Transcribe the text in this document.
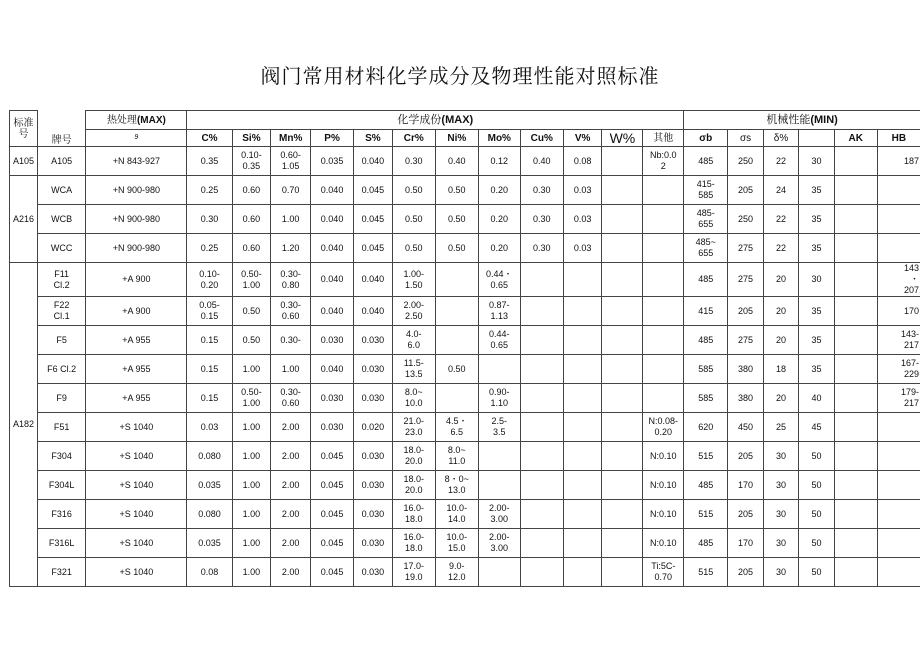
阀门常用材料化学成分及物理性能对照标准
标准号	牌号	热处理(MAX)	化学成份(MAX)												机械性能(MIN)					

		9	C%	Si%	Mn%	P%	S%	Cr%	Ni%	Mo%	Cu%	V%	W%	其他	σb	σs	δ%		AK	HB
A105	A105	+N 843-927	0.35	0.10-
0.35	0.60-
1.05	0.035	0.040	0.30	0.40	0.12	0.40	0.08		Nb:0.0
2	485	250	22	30		187
A216	WCA	+N 900-980	0.25	0.60	0.70	0.040	0.045	0.50	0.50	0.20	0.30	0.03			415-
585	205	24	35		
	WCB	+N 900-980	0.30	0.60	1.00	0.040	0.045	0.50	0.50	0.20	0.30	0.03			485-
655	250	22	35		
	WCC	+N 900-980	0.25	0.60	1.20	0.040	0.045	0.50	0.50	0.20	0.30	0.03			485~
655	275	22	35		
A182	F11
Cl.2	+A 900	0.10-
0.20	0.50-
1.00	0.30-
0.80	0.040	0.040	1.00-
1.50		0.44・
0.65					485	275	20	30		143
・
207
	F22
Cl.1	+A 900	0.05-
0.15	0.50	0.30-
0.60	0.040	0.040	2.00-
2.50		0.87-
1.13					415	205	20	35		170
	F5	+A 955	0.15	0.50	0.30-	0.030	0.030	4.0-
6.0		0.44-
0.65					485	275	20	35		143-
217
	F6 Cl.2	+A 955	0.15	1.00	1.00	0.040	0.030	11.5-
13.5	0.50						585	380	18	35		167-
229
	F9	+A 955	0.15	0.50-
1.00	0.30-
0.60	0.030	0.030	8.0~
10.0		0.90-
1.10					585	380	20	40		179-
217
	F51	+S 1040	0.03	1.00	2.00	0.030	0.020	21.0-
23.0	4.5・
6.5	2.5-
3.5				N:0.08-
0.20	620	450	25	45		
	F304	+S 1040	0.080	1.00	2.00	0.045	0.030	18.0-
20.0	8.0~
11.0					N:0.10	515	205	30	50		
	F304L	+S 1040	0.035	1.00	2.00	0.045	0.030	18.0-
20.0	8・0~
13.0					N:0.10	485	170	30	50		
	F316	+S 1040	0.080	1.00	2.00	0.045	0.030	16.0-
18.0	10.0-
14.0	2.00-
3.00				N:0.10	515	205	30	50		
	F316L	+S 1040	0.035	1.00	2.00	0.045	0.030	16.0-
18.0	10.0-
15.0	2.00-
3.00				N:0.10	485	170	30	50		
	F321	+S 1040	0.08	1.00	2.00	0.045	0.030	17.0-
19.0	9.0-
12.0					Ti:5C-
0.70	515	205	30	50		
